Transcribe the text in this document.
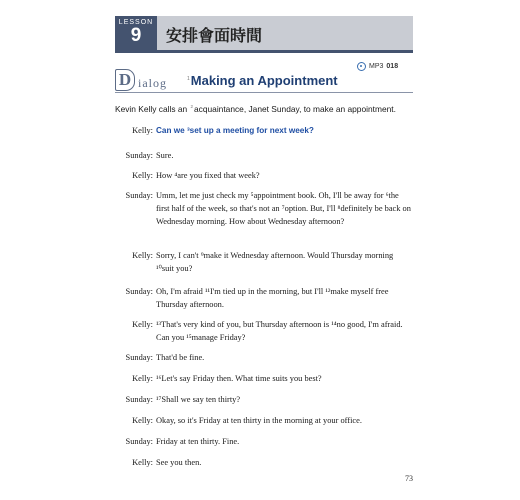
LESSON
9	安排會面時間
MP3 018
D ialog	$^1$Making an Appointment
Kevin Kelly calls an $^2$acquaintance, Janet Sunday, to make an appointment.
Kelly: Can we ³set up a meeting for next week?
Sunday: Sure.
Kelly: How ⁴are you fixed that week?
Sunday: Umm, let me just check my ⁵appointment book. Oh, I'll be away for ⁶the first half of the week, so that's not an ⁷option. But, I'll ⁸definitely be back on Wednesday morning. How about Wednesday afternoon?
Kelly: Sorry, I can't ⁹make it Wednesday afternoon. Would Thursday morning ¹⁰suit you?
Sunday: Oh, I'm afraid ¹¹I'm tied up in the morning, but I'll ¹²make myself free Thursday afternoon.
Kelly: ¹³That's very kind of you, but Thursday afternoon is ¹⁴no good, I'm afraid. Can you ¹⁵manage Friday?
Sunday: That'd be fine.
Kelly: ¹⁶Let's say Friday then. What time suits you best?
Sunday: ¹⁷Shall we say ten thirty?
Kelly: Okay, so it's Friday at ten thirty in the morning at your office.
Sunday: Friday at ten thirty. Fine.
Kelly: See you then.
73
